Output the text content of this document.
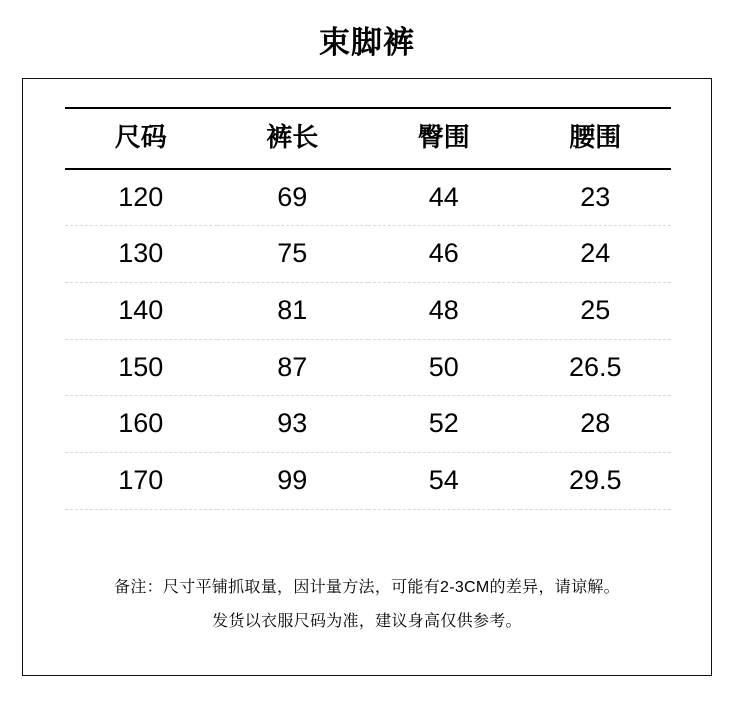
束脚裤
尺码	裤长	臀围	腰围
120	69	44	23
130	75	46	24
140	81	48	25
150	87	50	26.5
160	93	52	28
170	99	54	29.5
备注：尺寸平铺抓取量，因计量方法，可能有2-3CM的差异，请谅解。
发货以衣服尺码为准，建议身高仅供参考。
